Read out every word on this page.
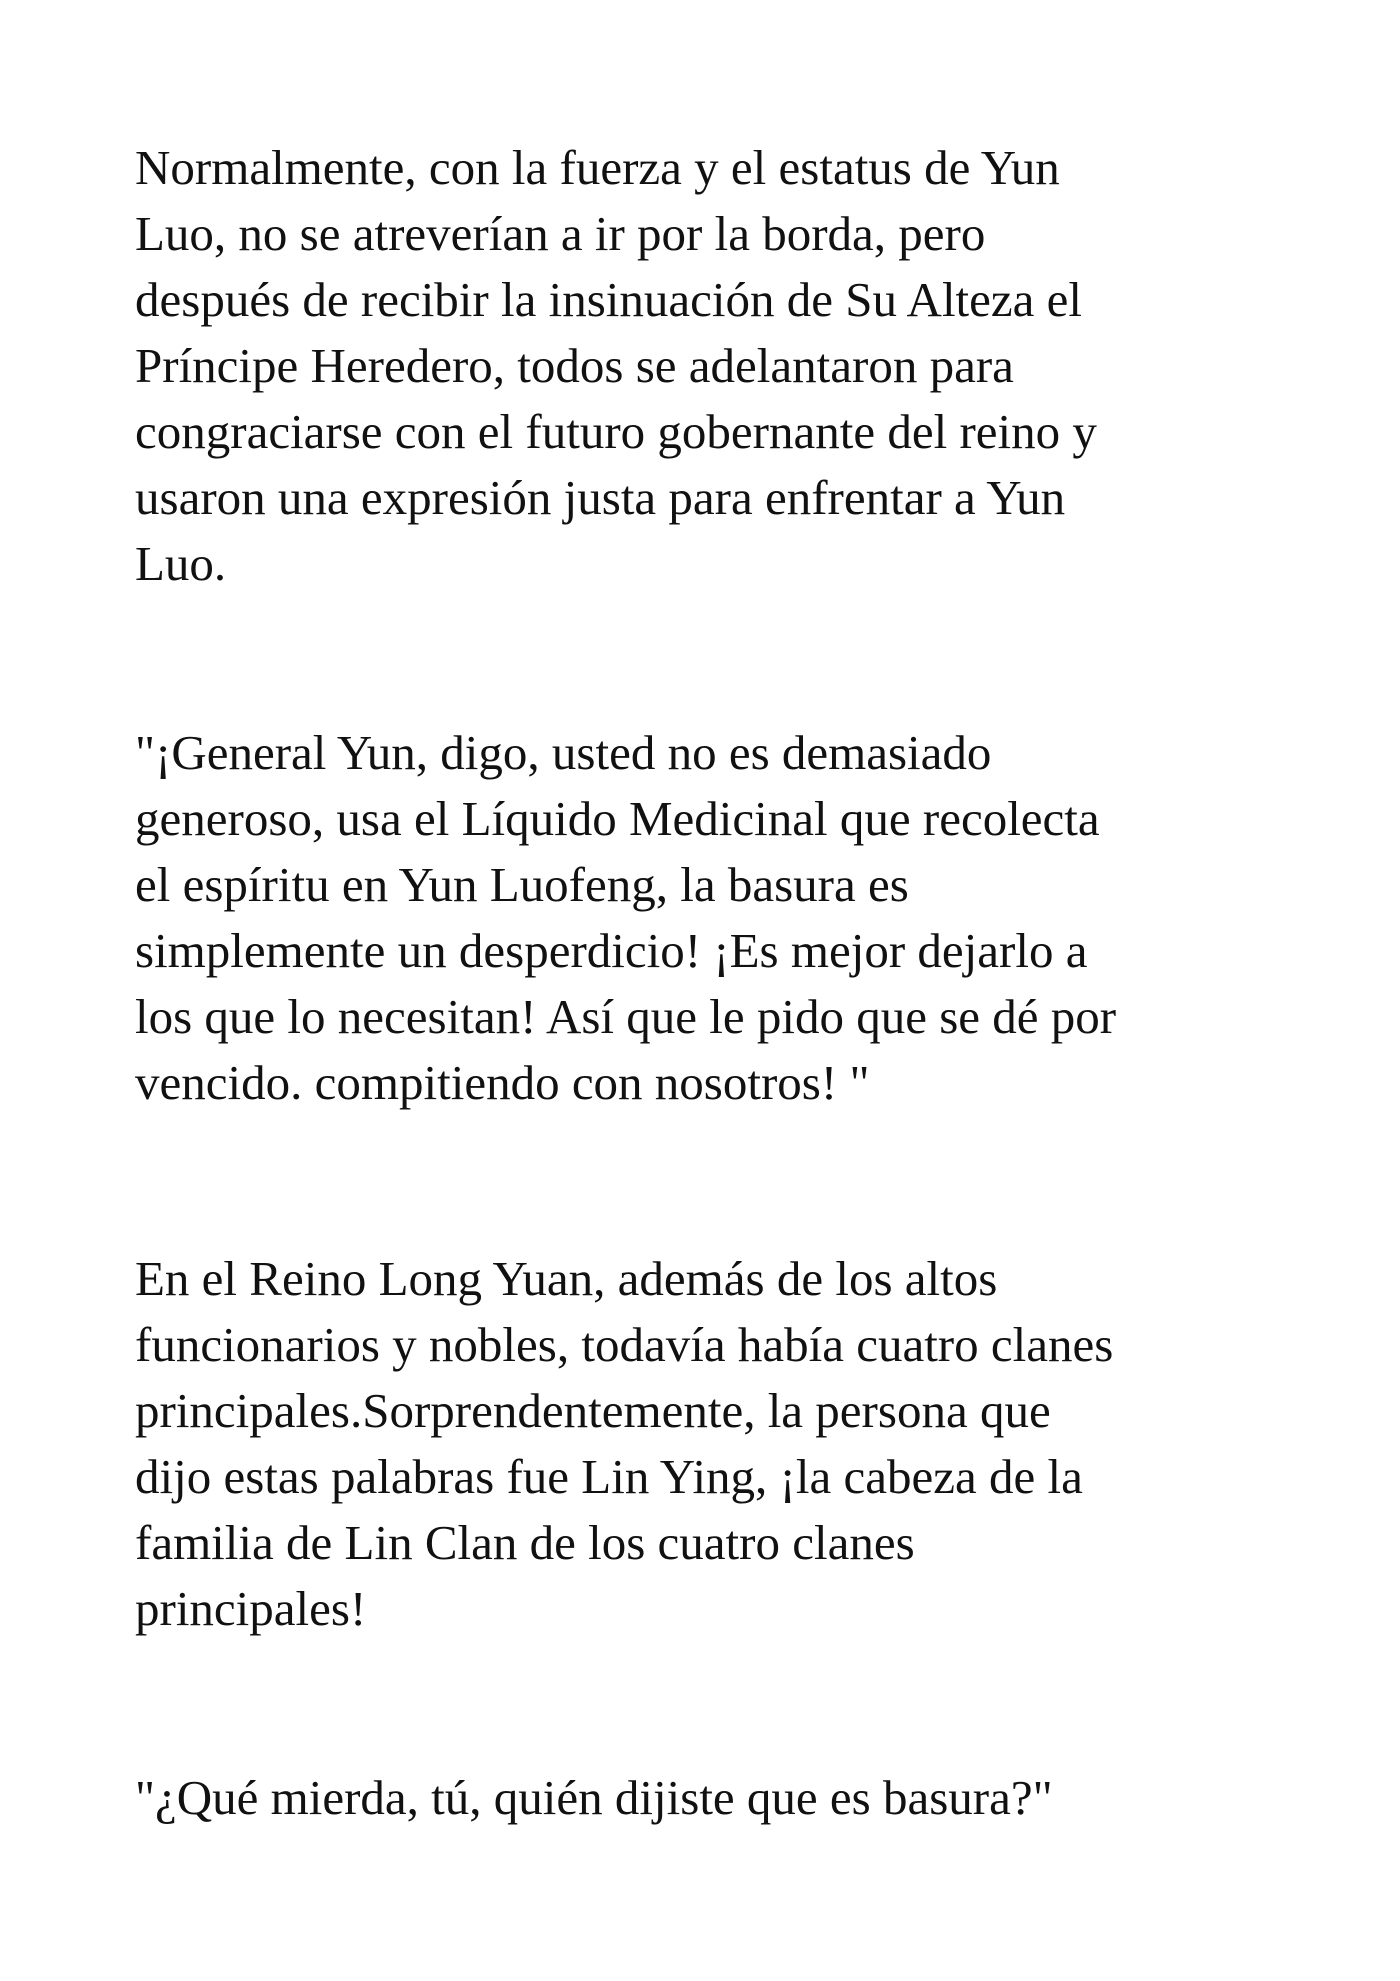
Normalmente, con la fuerza y el estatus de Yun
Luo, no se atreverían a ir por la borda, pero
después de recibir la insinuación de Su Alteza el
Príncipe Heredero, todos se adelantaron para
congraciarse con el futuro gobernante del reino y
usaron una expresión justa para enfrentar a Yun
Luo.

"¡General Yun, digo, usted no es demasiado
generoso, usa el Líquido Medicinal que recolecta
el espíritu en Yun Luofeng, la basura es
simplemente un desperdicio! ¡Es mejor dejarlo a
los que lo necesitan! Así que le pido que se dé por
vencido. compitiendo con nosotros! "

En el Reino Long Yuan, además de los altos
funcionarios y nobles, todavía había cuatro clanes
principales.Sorprendentemente, la persona que
dijo estas palabras fue Lin Ying, ¡la cabeza de la
familia de Lin Clan de los cuatro clanes
principales!

"¿Qué mierda, tú, quién dijiste que es basura?"
